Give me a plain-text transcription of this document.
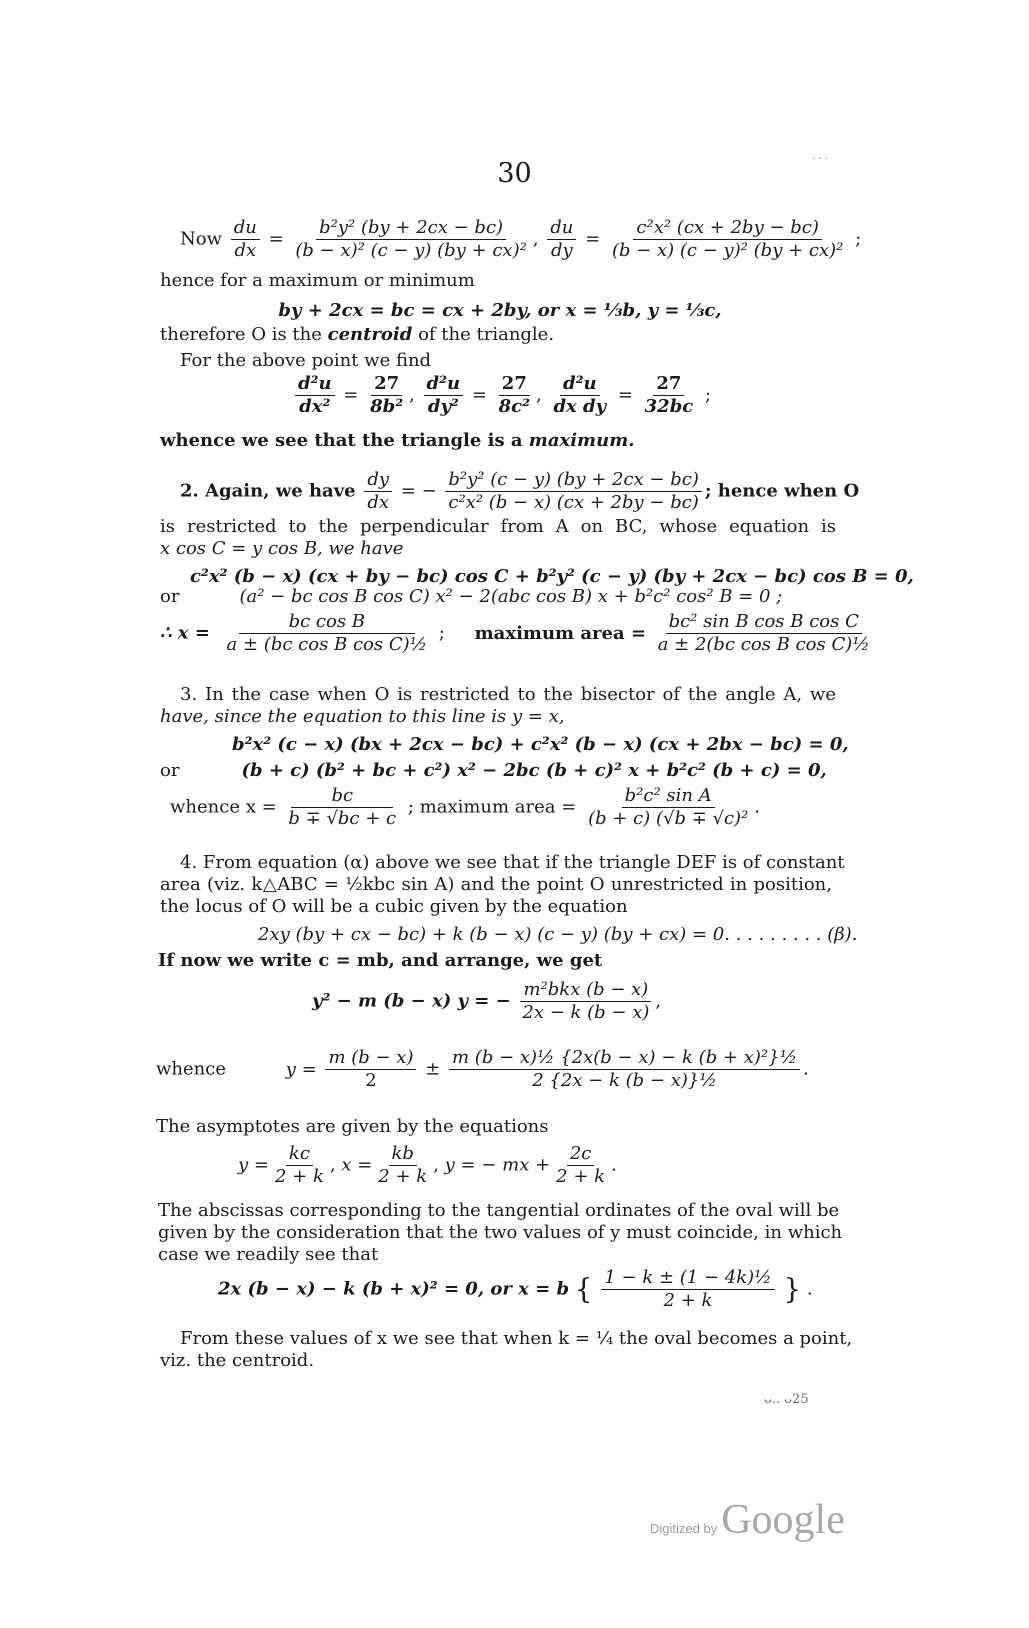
30	· · ·
Now $\frac{du}{dx} = \frac{\text{b²y² (by + 2cx − bc)}}{\text{(b − x)² (c − y) (by + cx)²}}$ , $\frac{du}{dy} = \frac{\text{c²x² (cx + 2by − bc)}}{\text{(b − x) (c − y)² (by + cx)²}}$ ;
hence for a maximum or minimum
by + 2cx = bc = cx + 2by, or x = ⅓b, y = ⅓c,
therefore O is the centroid of the triangle.
For the above point we find
$\frac{\text{d²u}}{\text{dx²}} = \frac{27}{\text{8b²}}$ , $\frac{\text{d²u}}{\text{dy²}} = \frac{27}{\text{8c²}}$ , $\frac{\text{d²u}}{\text{dx dy}} = \frac{27}{32bc}$ ;
whence we see that the triangle is a maximum.
2. Again, we have $\frac{dy}{dx}$ = − $\frac{\text{b²y² (c − y) (by + 2cx − bc)}}{\text{c²x² (b − x) (cx + 2by − bc)}}$ ; hence when O
is restricted to the perpendicular from A on BC, whose equation is
x cos C = y cos B, we have
c²x² (b − x) (cx + by − bc) cos C + b²y² (c − y) (by + 2cx − bc) cos B = 0,
or	(a² − bc cos B cos C) x² − 2(abc cos B) x + b²c² cos² B = 0 ;
∴ $x = \frac{\text{bc cos B}}{\text{a ± (bc cos B cos C)½}}$ ; maximum area = $\frac{\text{bc² sin B cos B cos C}}{\text{a ± 2(bc cos B cos C)½}}$
3. In the case when O is restricted to the bisector of the angle A, we
have, since the equation to this line is y = x,
b²x² (c − x) (bx + 2cx − bc) + c²x² (b − x) (cx + 2bx − bc) = 0,
or	(b + c) (b² + bc + c²) x² − 2bc (b + c)² x + b²c² (b + c) = 0,
whence $x = \frac{bc}{b \mp √bc + c}$ ; maximum area = $\frac{\text{b²c² sin A}}{\text{(b + c) (√b ∓ √c)²}}$ .
4. From equation (α) above we see that if the triangle DEF is of constant
area (viz. k△ABC = ½kbc sin A) and the point O unrestricted in position,
the locus of O will be a cubic given by the equation
2xy (by + cx − bc) + k (b − x) (c − y) (by + cx) = 0. . . . . . . . . (β).
If now we write c = mb, and arrange, we get
y² − m (b − x) y = − $\frac{\text{m²bkx (b − x)}}{2x - k (b - x)}$ ,
whence	$y = \frac{m (b - x)}{2} \pm \frac{\text{m (b − x)½ \{2x(b − x) − k (b + x)²\}½}}{\text{2 \{2x − k (b − x)\}½}}$ .
The asymptotes are given by the equations
$y = \frac{kc}{2 + k}$ , $x = \frac{kb}{2 + k}$ , y = − mx + $\frac{2c}{2 + k}$ .
The abscissas corresponding to the tangential ordinates of the oval will be
given by the consideration that the two values of y must coincide, in which
case we readily see that
2x (b − x) − k (b + x)² = 0, or x = b { $\frac{\text{1 − k ± (1 − 4k)½}}{2 + k}$ } .
From these values of x we see that when k = ¼ the oval becomes a point,
viz. the centroid.
ᴗ.. ᴗ25
Digitized by Google
